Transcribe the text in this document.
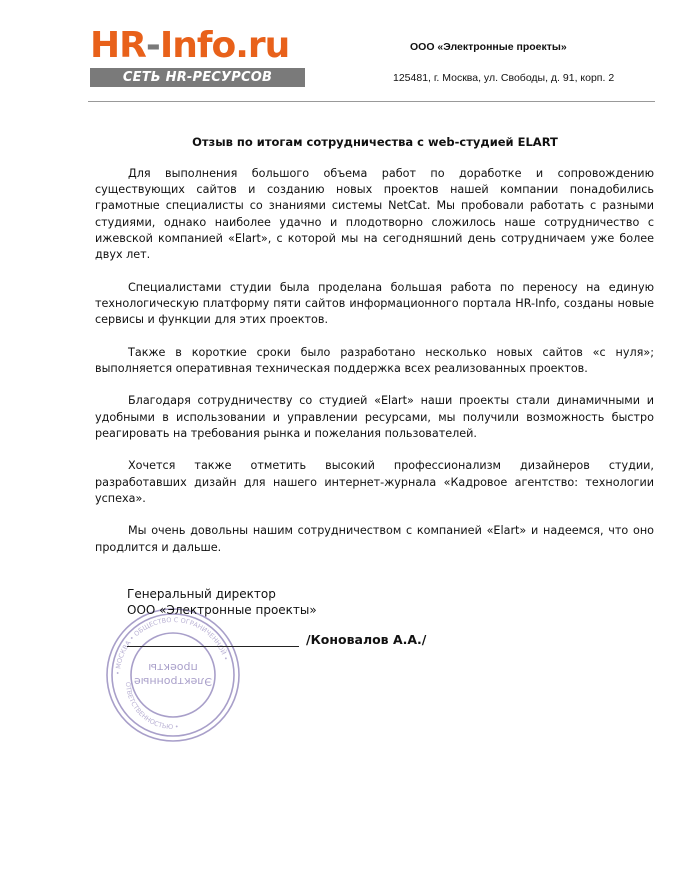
HR-Info.ru
СЕТЬ HR-РЕСУРСОВ
ООО «Электронные проекты»
125481, г. Москва, ул. Свободы, д. 91, корп. 2
Отзыв по итогам сотрудничества с web-студией ELART

Для выполнения большого объема работ по доработке и сопровождению существующих сайтов и созданию новых проектов нашей компании понадобились грамотные специалисты со знаниями системы NetCat. Мы пробовали работать с разными студиями, однако наиболее удачно и плодотворно сложилось наше сотрудничество с ижевской компанией «Elart», с которой мы на сегодняшний день сотрудничаем уже более двух лет.

Специалистами студии была проделана большая работа по переносу на единую технологическую платформу пяти сайтов информационного портала HR-Info, созданы новые сервисы и функции для этих проектов.

Также в короткие сроки было разработано несколько новых сайтов «с нуля»; выполняется оперативная техническая поддержка всех реализованных проектов.

Благодаря сотрудничеству со студией «Elart» наши проекты стали динамичными и удобными в использовании и управлении ресурсами, мы получили возможность быстро реагировать на требования рынка и пожелания пользователей.

Хочется также отметить высокий профессионализм дизайнеров студии, разработавших дизайн для нашего интернет-журнала «Кадровое агентство: технологии успеха».

Мы очень довольны нашим сотрудничеством с компанией «Elart» и надеемся, что оно продлится и дальше.

• МОСКВА • ОБЩЕСТВО С ОГРАНИЧЕННОЙ •
ОТВЕТСТВЕННОСТЬЮ •
Электронные
проекты
Генеральный директор
ООО «Электронные проекты»
/Коновалов А.А./
